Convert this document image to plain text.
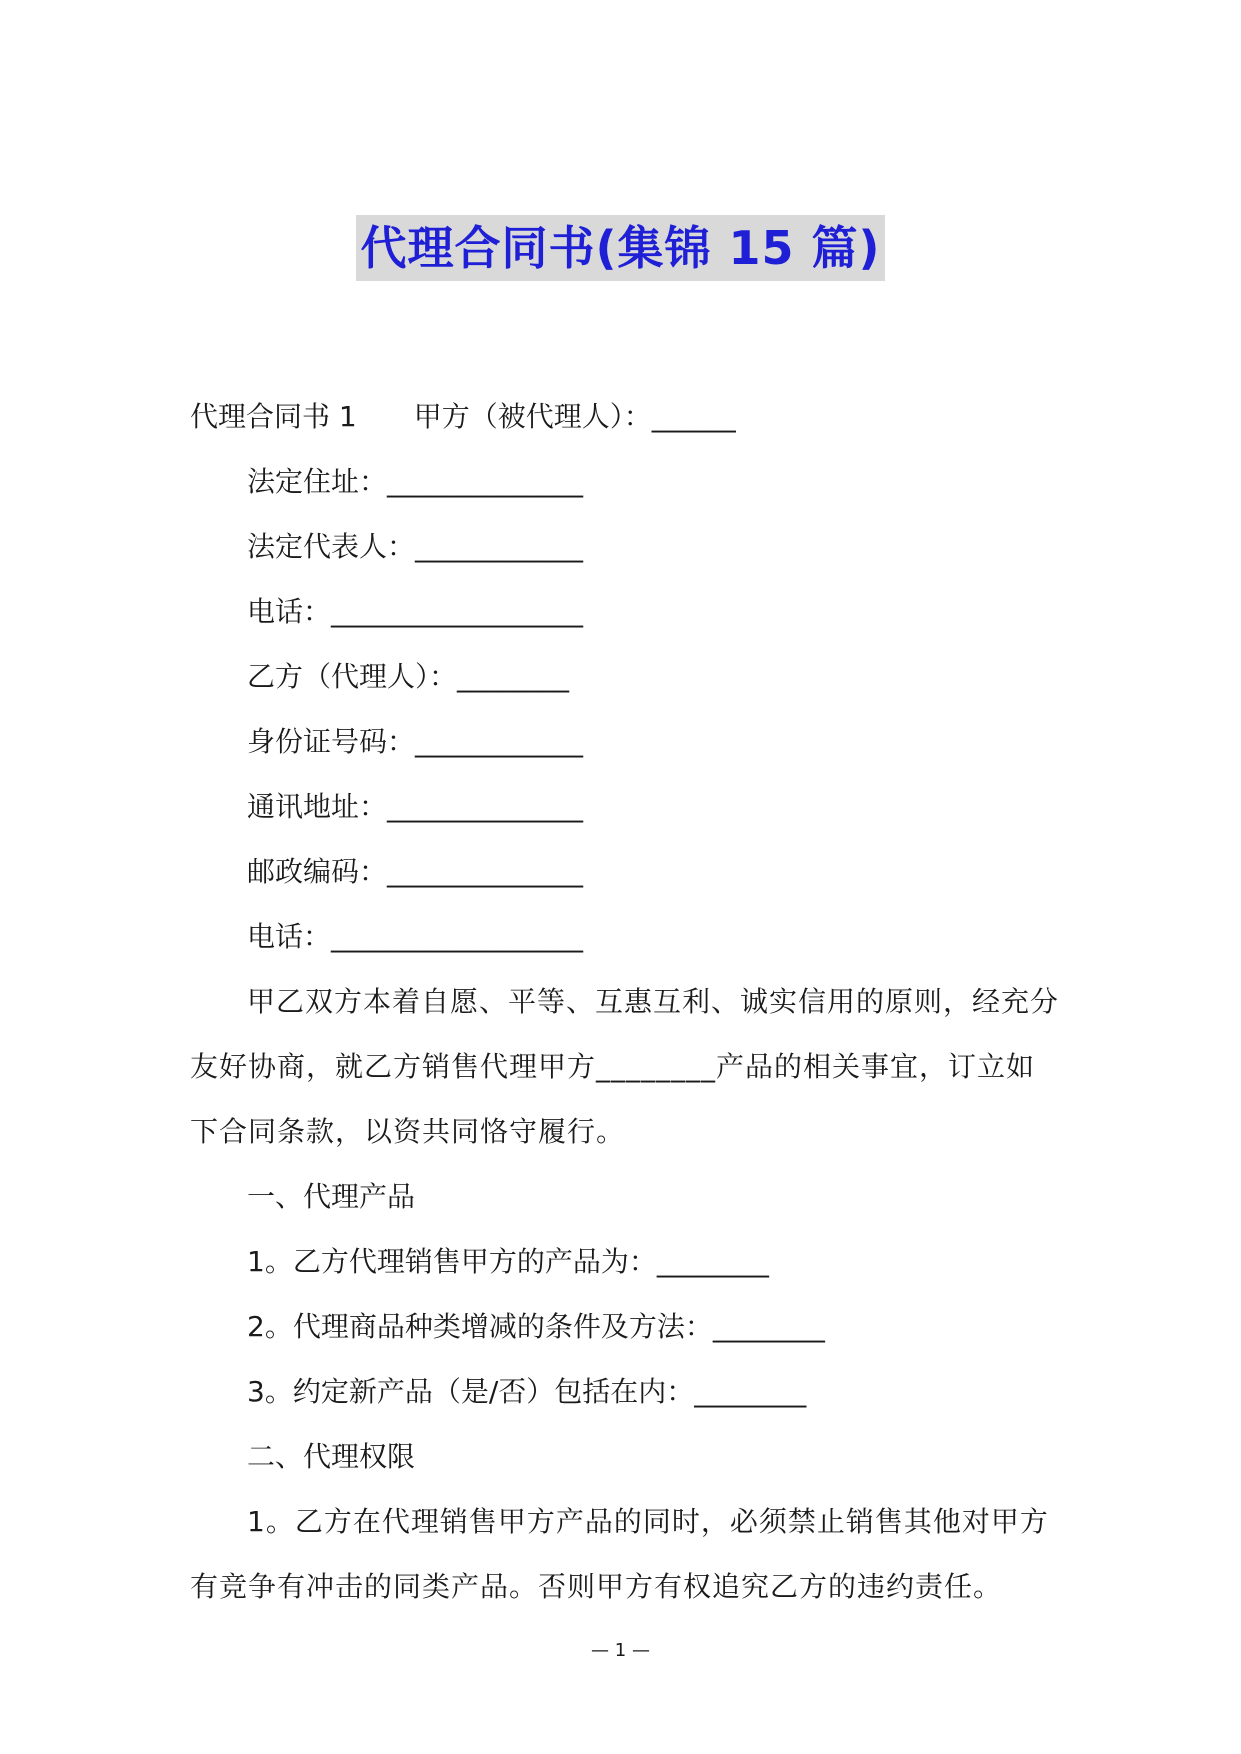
代理合同书(集锦 15 篇)
代理合同书 1 甲方（被代理人）：______
法定住址：______________
法定代表人：____________
电话：__________________
乙方（代理人）：________
身份证号码：____________
通讯地址：______________
邮政编码：______________
电话：__________________
甲乙双方本着自愿、平等、互惠互利、诚实信用的原则，经充分友好协商，就乙方销售代理甲方________产品的相关事宜，订立如下合同条款，以资共同恪守履行。
一、代理产品
1。乙方代理销售甲方的产品为：________
2。代理商品种类增减的条件及方法：________
3。约定新产品（是/否）包括在内：________
二、代理权限
1。乙方在代理销售甲方产品的同时，必须禁止销售其他对甲方有竞争有冲击的同类产品。否则甲方有权追究乙方的违约责任。
— 1 —
